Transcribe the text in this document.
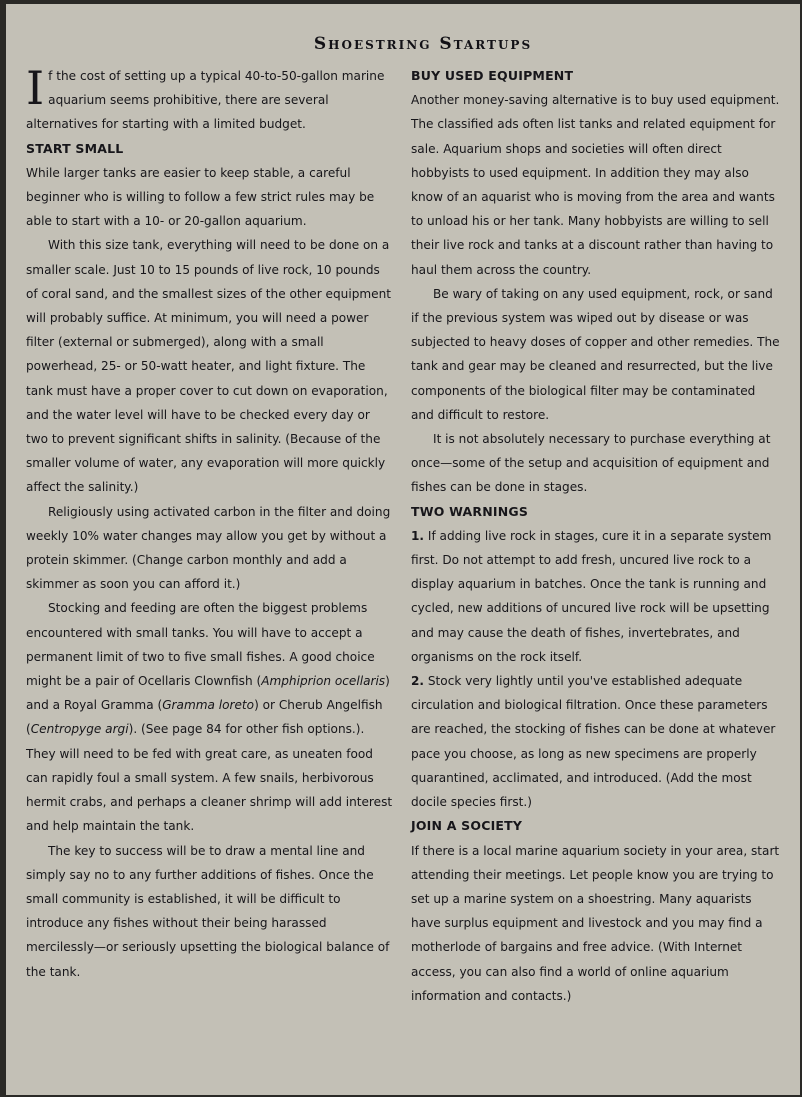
Shoestring Startups

If the cost of setting up a typical 40-to-50-gallon marine aquarium seems prohibitive, there are several alternatives for starting with a limited budget.

START SMALL

While larger tanks are easier to keep stable, a careful beginner who is willing to follow a few strict rules may be able to start with a 10- or 20-gallon aquarium.

With this size tank, everything will need to be done on a smaller scale. Just 10 to 15 pounds of live rock, 10 pounds of coral sand, and the smallest sizes of the other equipment will probably suffice. At minimum, you will need a power filter (external or submerged), along with a small powerhead, 25- or 50-watt heater, and light fixture. The tank must have a proper cover to cut down on evaporation, and the water level will have to be checked every day or two to prevent significant shifts in salinity. (Because of the smaller volume of water, any evaporation will more quickly affect the salinity.)

Religiously using activated carbon in the filter and doing weekly 10% water changes may allow you get by without a protein skimmer. (Change carbon monthly and add a skimmer as soon you can afford it.)

Stocking and feeding are often the biggest problems encountered with small tanks. You will have to accept a permanent limit of two to five small fishes. A good choice might be a pair of Ocellaris Clownfish (Amphiprion ocellaris) and a Royal Gramma (Gramma loreto) or Cherub Angelfish (Centropyge argi). (See page 84 for other fish options.). They will need to be fed with great care, as uneaten food can rapidly foul a small system. A few snails, herbivorous hermit crabs, and perhaps a cleaner shrimp will add interest and help maintain the tank.

The key to success will be to draw a mental line and simply say no to any further additions of fishes. Once the small community is established, it will be difficult to introduce any fishes without their being harassed mercilessly—or seriously upsetting the biological balance of the tank.

BUY USED EQUIPMENT

Another money-saving alternative is to buy used equipment. The classified ads often list tanks and related equipment for sale. Aquarium shops and societies will often direct hobbyists to used equipment. In addition they may also know of an aquarist who is moving from the area and wants to unload his or her tank. Many hobbyists are willing to sell their live rock and tanks at a discount rather than having to haul them across the country.

Be wary of taking on any used equipment, rock, or sand if the previous system was wiped out by disease or was subjected to heavy doses of copper and other remedies. The tank and gear may be cleaned and resurrected, but the live components of the biological filter may be contaminated and difficult to restore.

It is not absolutely necessary to purchase everything at once—some of the setup and acquisition of equipment and fishes can be done in stages.

TWO WARNINGS

1. If adding live rock in stages, cure it in a separate system first. Do not attempt to add fresh, uncured live rock to a display aquarium in batches. Once the tank is running and cycled, new additions of uncured live rock will be upsetting and may cause the death of fishes, invertebrates, and organisms on the rock itself.

2. Stock very lightly until you've established adequate circulation and biological filtration. Once these parameters are reached, the stocking of fishes can be done at whatever pace you choose, as long as new specimens are properly quarantined, acclimated, and introduced. (Add the most docile species first.)

JOIN A SOCIETY

If there is a local marine aquarium society in your area, start attending their meetings. Let people know you are trying to set up a marine system on a shoestring. Many aquarists have surplus equipment and livestock and you may find a motherlode of bargains and free advice. (With Internet access, you can also find a world of online aquarium information and contacts.)
